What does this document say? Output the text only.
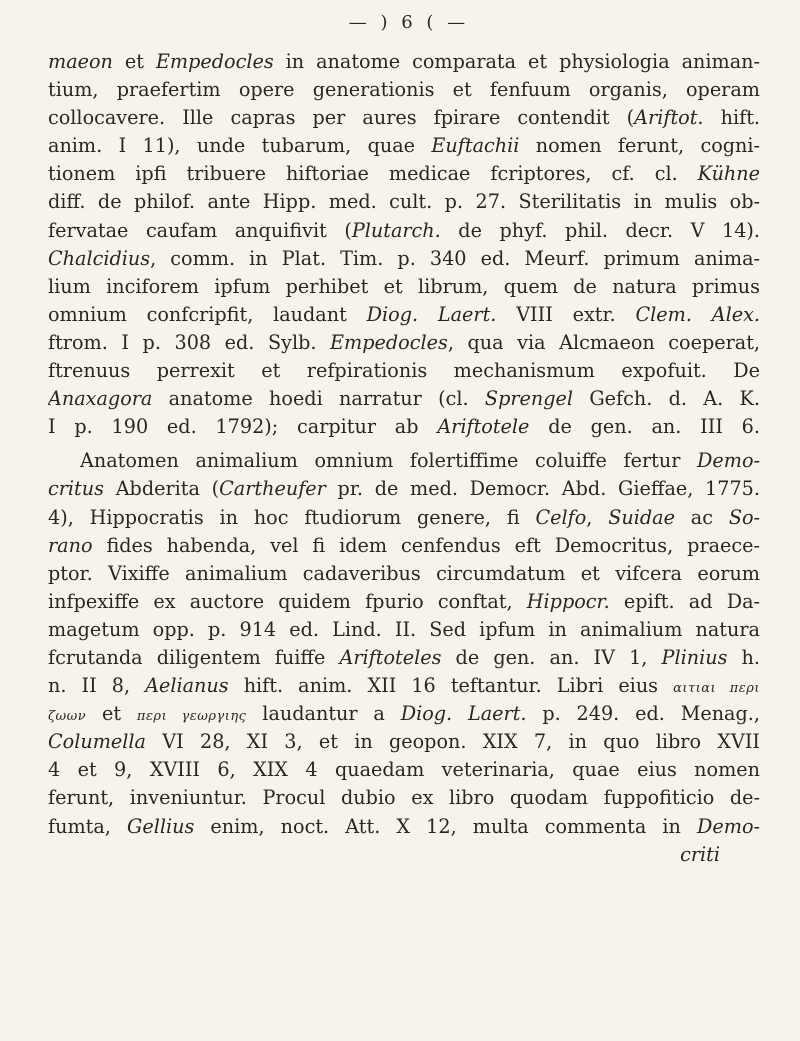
— ) 6 ( —
maeon et Empedocles in anatome comparata et physiologia animan-
tium, praefertim opere generationis et fenfuum organis, operam
collocavere. Ille capras per aures fpirare contendit (Ariftot. hift.
anim. I 11), unde tubarum, quae Euftachii nomen ferunt, cogni-
tionem ipfi tribuere hiftoriae medicae fcriptores, cf. cl. Kühne
diff. de philof. ante Hipp. med. cult. p. 27. Sterilitatis in mulis ob-
fervatae caufam anquifivit (Plutarch. de phyf. phil. decr. V 14).
Chalcidius, comm. in Plat. Tim. p. 340 ed. Meurf. primum anima-
lium inciforem ipfum perhibet et librum, quem de natura primus
omnium confcripfit, laudant Diog. Laert. VIII extr. Clem. Alex.
ftrom. I p. 308 ed. Sylb. Empedocles, qua via Alcmaeon coeperat,
ftrenuus perrexit et refpirationis mechanismum expofuit. De
Anaxagora anatome hoedi narratur (cl. Sprengel Gefch. d. A. K.
I p. 190 ed. 1792); carpitur ab Ariftotele de gen. an. III 6.
Anatomen animalium omnium folertiffime coluiffe fertur Demo-
critus Abderita (Cartheufer pr. de med. Democr. Abd. Gieffae, 1775.
4), Hippocratis in hoc ftudiorum genere, fi Celfo, Suidae ac So-
rano fides habenda, vel fi idem cenfendus eft Democritus, praece-
ptor. Vixiffe animalium cadaveribus circumdatum et vifcera eorum
infpexiffe ex auctore quidem fpurio conftat, Hippocr. epift. ad Da-
magetum opp. p. 914 ed. Lind. II. Sed ipfum in animalium natura
fcrutanda diligentem fuiffe Ariftoteles de gen. an. IV 1, Plinius h.
n. II 8, Aelianus hift. anim. XII 16 teftantur. Libri eius αιτιαι περι
ζωων et περι γεωργιης laudantur a Diog. Laert. p. 249. ed. Menag.,
Columella VI 28, XI 3, et in geopon. XIX 7, in quo libro XVII
4 et 9, XVIII 6, XIX 4 quaedam veterinaria, quae eius nomen
ferunt, inveniuntur. Procul dubio ex libro quodam fuppofiticio de-
fumta, Gellius enim, noct. Att. X 12, multa commenta in Demo-
criti
